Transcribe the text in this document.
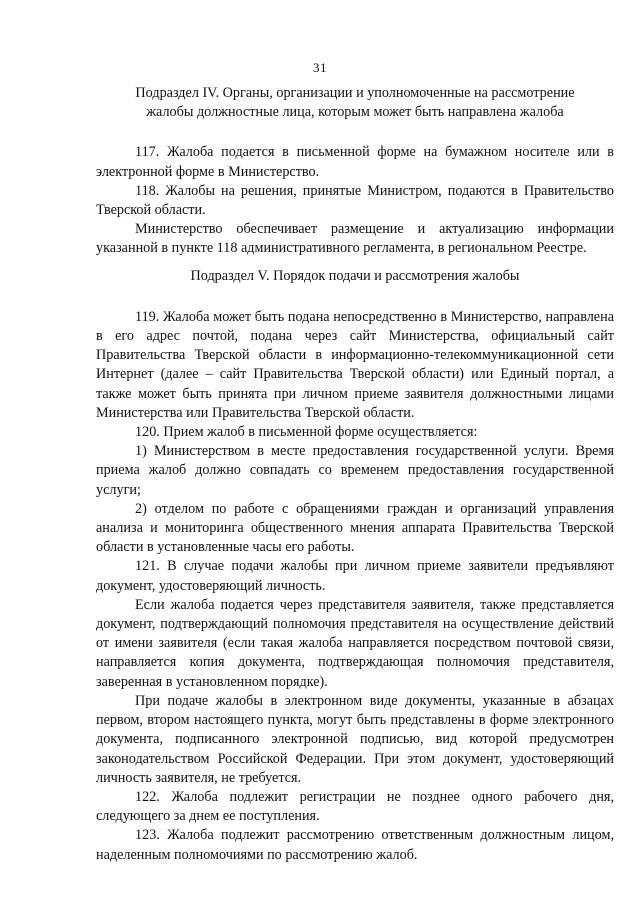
31

Подраздел IV. Органы, организации и уполномоченные на рассмотрение жалобы должностные лица, которым может быть направлена жалоба

117. Жалоба подается в письменной форме на бумажном носителе или в электронной форме в Министерство.

118. Жалобы на решения, принятые Министром, подаются в Правительство Тверской области.

Министерство обеспечивает размещение и актуализацию информации указанной в пункте 118 административного регламента, в региональном Реестре.

Подраздел V. Порядок подачи и рассмотрения жалобы

119. Жалоба может быть подана непосредственно в Министерство, направлена в его адрес почтой, подана через сайт Министерства, официальный сайт Правительства Тверской области в информационно-телекоммуникационной сети Интернет (далее – сайт Правительства Тверской области) или Единый портал, а также может быть принята при личном приеме заявителя должностными лицами Министерства или Правительства Тверской области.

120. Прием жалоб в письменной форме осуществляется:

1) Министерством в месте предоставления государственной услуги. Время приема жалоб должно совпадать со временем предоставления государственной услуги;

2) отделом по работе с обращениями граждан и организаций управления анализа и мониторинга общественного мнения аппарата Правительства Тверской области в установленные часы его работы.

121. В случае подачи жалобы при личном приеме заявители предъявляют документ, удостоверяющий личность.

Если жалоба подается через представителя заявителя, также представляется документ, подтверждающий полномочия представителя на осуществление действий от имени заявителя (если такая жалоба направляется посредством почтовой связи, направляется копия документа, подтверждающая полномочия представителя, заверенная в установленном порядке).

При подаче жалобы в электронном виде документы, указанные в абзацах первом, втором настоящего пункта, могут быть представлены в форме электронного документа, подписанного электронной подписью, вид которой предусмотрен законодательством Российской Федерации. При этом документ, удостоверяющий личность заявителя, не требуется.

122. Жалоба подлежит регистрации не позднее одного рабочего дня, следующего за днем ее поступления.

123. Жалоба подлежит рассмотрению ответственным должностным лицом, наделенным полномочиями по рассмотрению жалоб.
